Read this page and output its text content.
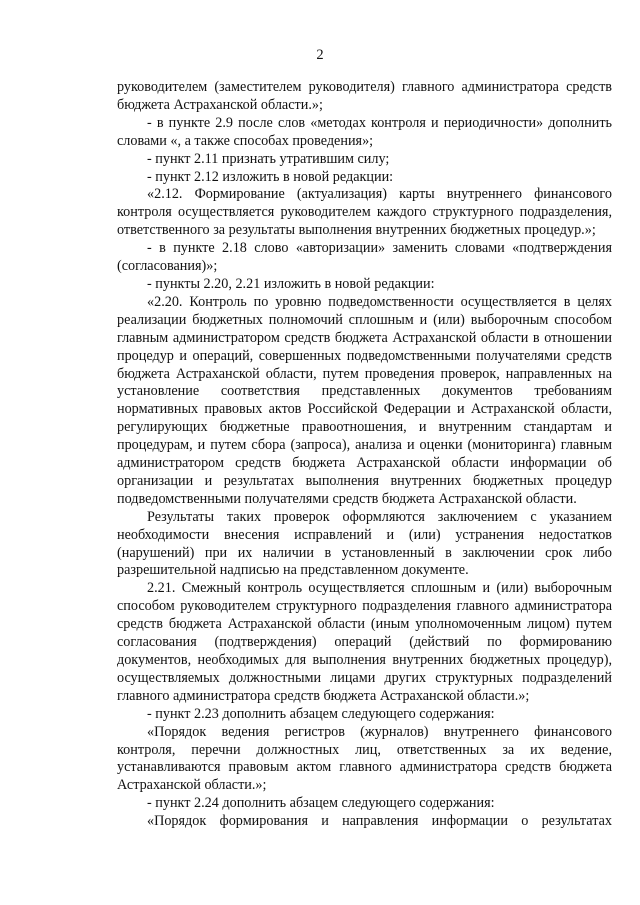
2

руководителем (заместителем руководителя) главного администратора средств бюджета Астраханской области.»;

- в пункте 2.9 после слов «методах контроля и периодичности» дополнить словами «, а также способах проведения»;

- пункт 2.11 признать утратившим силу;

- пункт 2.12 изложить в новой редакции:

«2.12. Формирование (актуализация) карты внутреннего финансового контроля осуществляется руководителем каждого структурного подразделения, ответственного за результаты выполнения внутренних бюджетных процедур.»;

- в пункте 2.18 слово «авторизации» заменить словами «подтверждения (согласования)»;

- пункты 2.20, 2.21 изложить в новой редакции:

«2.20. Контроль по уровню подведомственности осуществляется в целях реализации бюджетных полномочий сплошным и (или) выборочным способом главным администратором средств бюджета Астраханской области в отношении процедур и операций, совершенных подведомственными получателями средств бюджета Астраханской области, путем проведения проверок, направленных на установление соответствия представленных документов требованиям нормативных правовых актов Российской Федерации и Астраханской области, регулирующих бюджетные правоотношения, и внутренним стандартам и процедурам, и путем сбора (запроса), анализа и оценки (мониторинга) главным администратором средств бюджета Астраханской области информации об организации и результатах выполнения внутренних бюджетных процедур подведомственными получателями средств бюджета Астраханской области.

Результаты таких проверок оформляются заключением с указанием необходимости внесения исправлений и (или) устранения недостатков (нарушений) при их наличии в установленный в заключении срок либо разрешительной надписью на представленном документе.

2.21. Смежный контроль осуществляется сплошным и (или) выборочным способом руководителем структурного подразделения главного администратора средств бюджета Астраханской области (иным уполномоченным лицом) путем согласования (подтверждения) операций (действий по формированию документов, необходимых для выполнения внутренних бюджетных процедур), осуществляемых должностными лицами других структурных подразделений главного администратора средств бюджета Астраханской области.»;

- пункт 2.23 дополнить абзацем следующего содержания:

«Порядок ведения регистров (журналов) внутреннего финансового контроля, перечни должностных лиц, ответственных за их ведение, устанавливаются правовым актом главного администратора средств бюджета Астраханской области.»;

- пункт 2.24 дополнить абзацем следующего содержания:

«Порядок формирования и направления информации о результатах
